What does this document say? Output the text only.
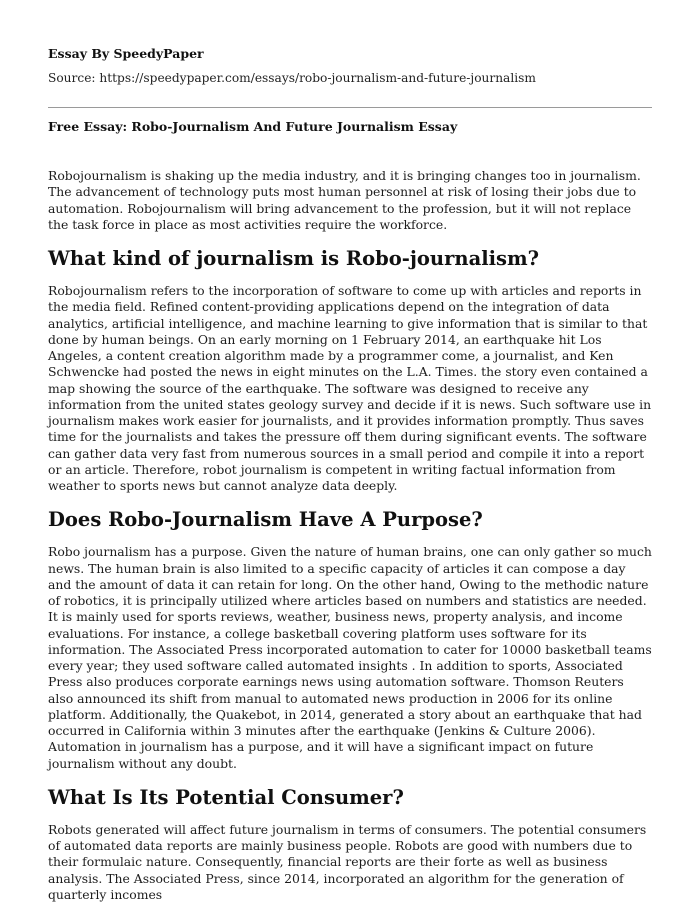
Essay By SpeedyPaper
Source: https://speedypaper.com/essays/robo-journalism-and-future-journalism
Free Essay: Robo-Journalism And Future Journalism Essay

Robojournalism is shaking up the media industry, and it is bringing changes too in journalism. The advancement of technology puts most human personnel at risk of losing their jobs due to automation. Robojournalism will bring advancement to the profession, but it will not replace the task force in place as most activities require the workforce.

What kind of journalism is Robo-journalism?

Robojournalism refers to the incorporation of software to come up with articles and reports in the media field. Refined content-providing applications depend on the integration of data analytics, artificial intelligence, and machine learning to give information that is similar to that done by human beings. On an early morning on 1 February 2014, an earthquake hit Los Angeles, a content creation algorithm made by a programmer come, a journalist, and Ken Schwencke had posted the news in eight minutes on the L.A. Times. the story even contained a map showing the source of the earthquake. The software was designed to receive any information from the united states geology survey and decide if it is news. Such software use in journalism makes work easier for journalists, and it provides information promptly. Thus saves time for the journalists and takes the pressure off them during significant events. The software can gather data very fast from numerous sources in a small period and compile it into a report or an article. Therefore, robot journalism is competent in writing factual information from weather to sports news but cannot analyze data deeply.

Does Robo-Journalism Have A Purpose?

Robo journalism has a purpose. Given the nature of human brains, one can only gather so much news. The human brain is also limited to a specific capacity of articles it can compose a day and the amount of data it can retain for long. On the other hand, Owing to the methodic nature of robotics, it is principally utilized where articles based on numbers and statistics are needed. It is mainly used for sports reviews, weather, business news, property analysis, and income evaluations. For instance, a college basketball covering platform uses software for its information. The Associated Press incorporated automation to cater for 10000 basketball teams every year; they used software called automated insights . In addition to sports, Associated Press also produces corporate earnings news using automation software. Thomson Reuters also announced its shift from manual to automated news production in 2006 for its online platform. Additionally, the Quakebot, in 2014, generated a story about an earthquake that had occurred in California within 3 minutes after the earthquake (Jenkins & Culture 2006). Automation in journalism has a purpose, and it will have a significant impact on future journalism without any doubt.

What Is Its Potential Consumer?

Robots generated will affect future journalism in terms of consumers. The potential consumers of automated data reports are mainly business people. Robots are good with numbers due to their formulaic nature. Consequently, financial reports are their forte as well as business analysis. The Associated Press, since 2014, incorporated an algorithm for the generation of quarterly incomes
